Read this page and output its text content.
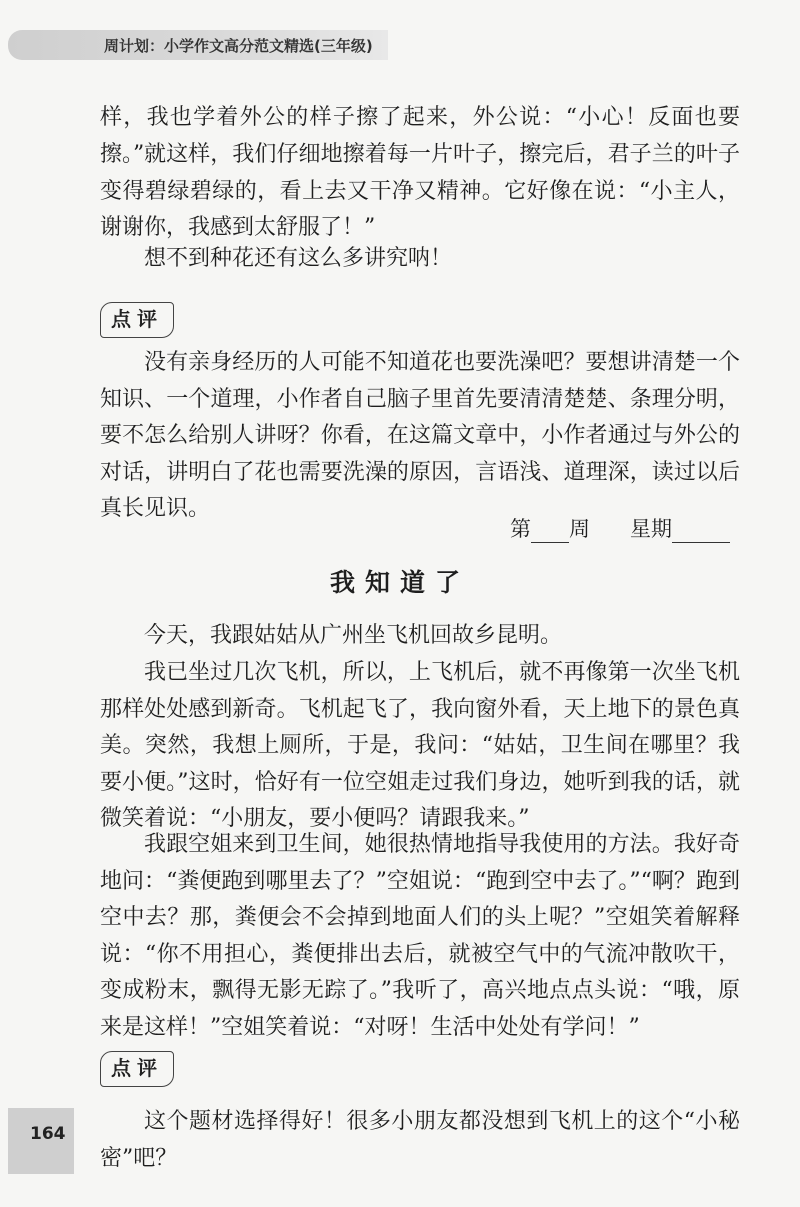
周计划：小学作文高分范文精选(三年级)

样，我也学着外公的样子擦了起来，外公说：“小心！反面也要擦。” 就这样，我们仔细地擦着每一片叶子，擦完后，君子兰的叶子变得碧绿碧绿的，看上去又干净又精神。它好像在说：“小主人，谢谢你，我感到太舒服了！”

想不到种花还有这么多讲究呐！

点评

没有亲身经历的人可能不知道花也要洗澡吧？要想讲清楚一个知识、一个道理，小作者自己脑子里首先要清清楚楚、条理分明，要不怎么给别人讲呀？你看，在这篇文章中，小作者通过与外公的对话，讲明白了花也需要洗澡的原因，言语浅、道理深，读过以后真长见识。

第 周 星期
我知道了

今天，我跟姑姑从广州坐飞机回故乡昆明。

我已坐过几次飞机，所以，上飞机后，就不再像第一次坐飞机那样处处感到新奇。飞机起飞了，我向窗外看，天上地下的景色真美。突然，我想上厕所，于是，我问：“姑姑，卫生间在哪里？我要小便。”这时，恰好有一位空姐走过我们身边，她听到我的话，就微笑着说：“小朋友，要小便吗？请跟我来。”

我跟空姐来到卫生间，她很热情地指导我使用的方法。我好奇地问：“粪便跑到哪里去了？”空姐说：“跑到空中去了。”“啊？跑到空中去？那，粪便会不会掉到地面人们的头上呢？”空姐笑着解释说：“你不用担心，粪便排出去后，就被空气中的气流冲散吹干，变成粉末，飘得无影无踪了。”我听了，高兴地点点头说：“哦，原来是这样！”空姐笑着说：“对呀！生活中处处有学问！”

点评

这个题材选择得好！很多小朋友都没想到飞机上的这个“小秘密”吧？

164
